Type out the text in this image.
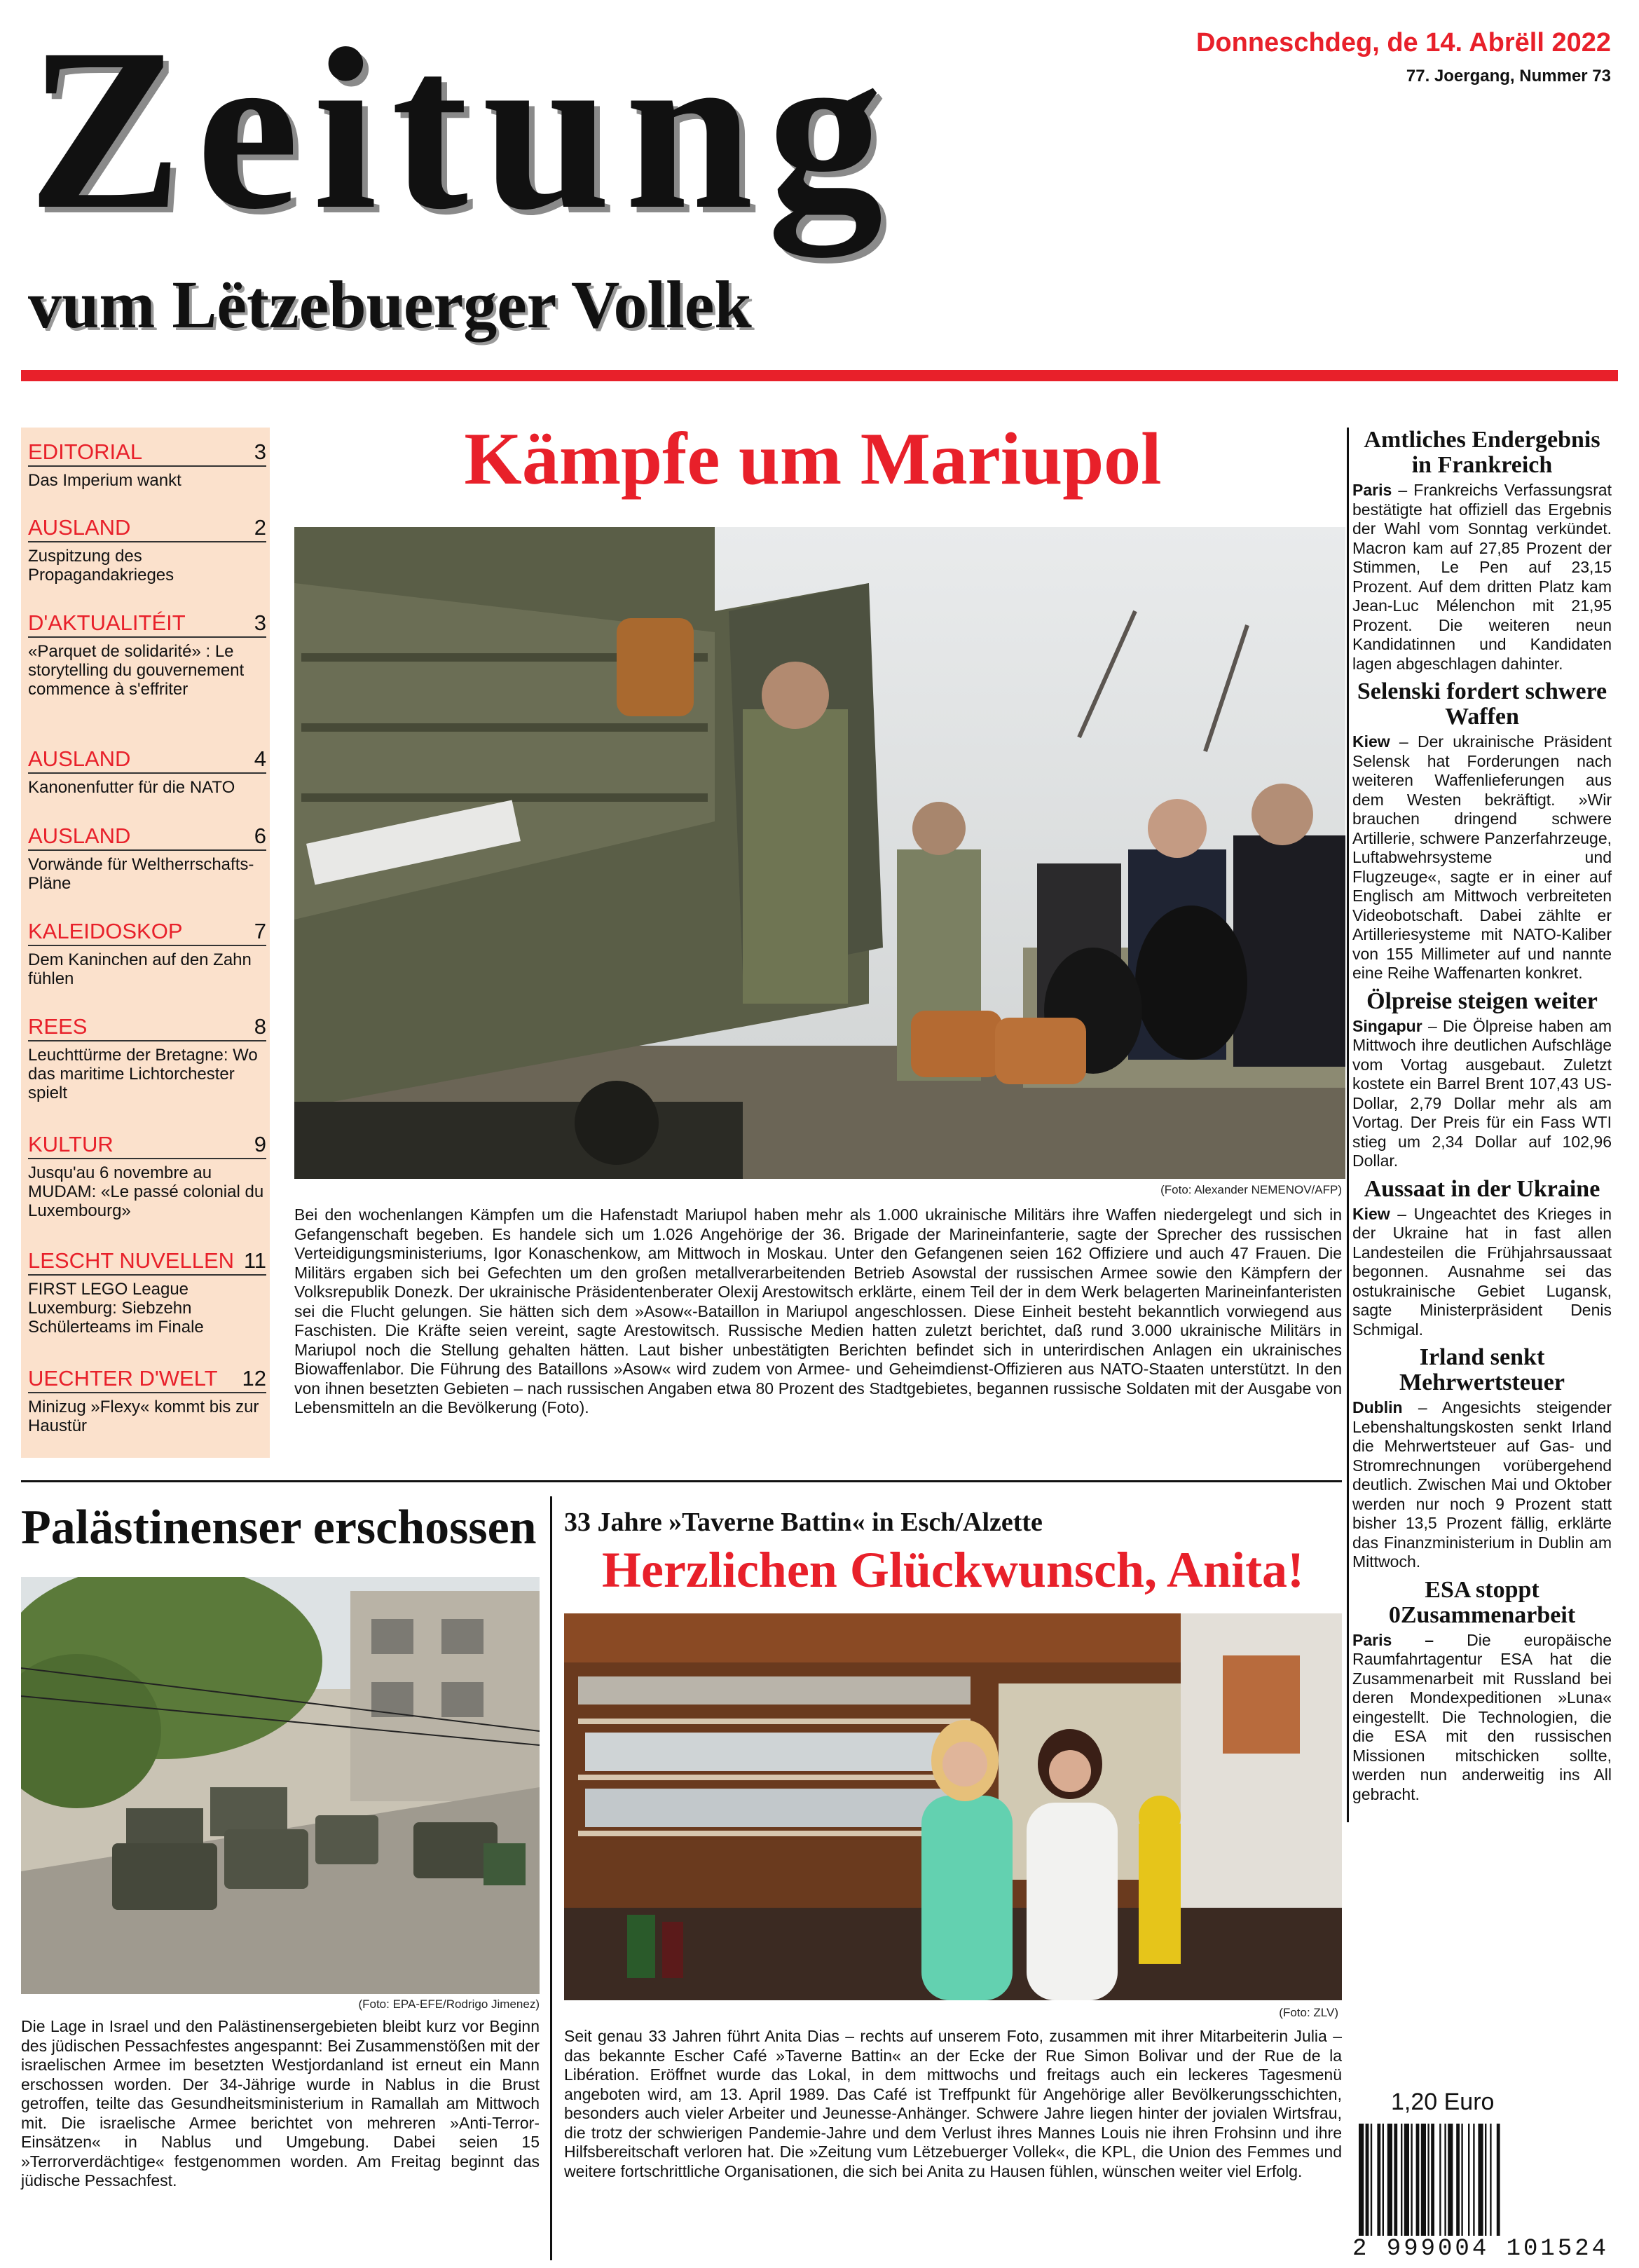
Zeitung
vum Lëtzebuerger Vollek
Donneschdeg, de 14. Abrëll 2022
77. Joergang, Nummer 73
EDITORIAL	3
Das Imperium wankt
AUSLAND	2
Zuspitzung des Propagandakrieges
D'AKTUALITÉIT	3
«Parquet de solidarité» : Le storytelling du gouvernement commence à s'effriter
AUSLAND	4
Kanonenfutter für die NATO
AUSLAND	6
Vorwände für Weltherrschafts-Pläne
KALEIDOSKOP	7
Dem Kaninchen auf den Zahn fühlen
REES	8
Leuchttürme der Bretagne: Wo das maritime Lichtorchester spielt
KULTUR	9
Jusqu'au 6 novembre au MUDAM: «Le passé colonial du Luxembourg»
LESCHT NUVELLEN 11
FIRST LEGO League Luxemburg: Siebzehn Schülerteams im Finale
UECHTER D'WELT 12
Minizug »Flexy« kommt bis zur Haustür
Kämpfe um Mariupol
(Foto: Alexander NEMENOV/AFP)
Bei den wochenlangen Kämpfen um die Hafenstadt Mariupol haben mehr als 1.000 ukrainische Militärs ihre Waffen niedergelegt und sich in Gefangenschaft begeben. Es handele sich um 1.026 Angehörige der 36. Brigade der Marineinfanterie, sagte der Sprecher des russischen Verteidigungsministeriums, Igor Konaschenkow, am Mittwoch in Moskau. Unter den Gefangenen seien 162 Offiziere und auch 47 Frauen. Die Militärs ergaben sich bei Gefechten um den großen metallverarbeitenden Betrieb Asowstal der russischen Armee sowie den Kämpfern der Volksrepublik Donezk. Der ukrainische Präsidentenberater Olexij Arestowitsch erklärte, einem Teil der in dem Werk belagerten Marineinfanteristen sei die Flucht gelungen. Sie hätten sich dem »Asow«-Bataillon in Mariupol angeschlossen. Diese Einheit besteht bekanntlich vorwiegend aus Faschisten. Die Kräfte seien vereint, sagte Arestowitsch. Russische Medien hatten zuletzt berichtet, daß rund 3.000 ukrainische Militärs in Mariupol noch die Stellung gehalten hätten. Laut bisher unbestätigten Berichten befindet sich in unterirdischen Anlagen ein ukrainisches Biowaffenlabor. Die Führung des Bataillons »Asow« wird zudem von Armee- und Geheimdienst-Offizieren aus NATO-Staaten unterstützt. In den von ihnen besetzten Gebieten – nach russischen Angaben etwa 80 Prozent des Stadtgebietes, begannen russische Soldaten mit der Ausgabe von Lebensmitteln an die Bevölkerung (Foto).
Amtliches Endergebnis in Frankreich
Paris – Frankreichs Verfassungsrat bestätigte hat offiziell das Ergebnis der Wahl vom Sonntag verkündet. Macron kam auf 27,85 Prozent der Stimmen, Le Pen auf 23,15 Prozent. Auf dem dritten Platz kam Jean-Luc Mélenchon mit 21,95 Prozent. Die weiteren neun Kandidatinnen und Kandidaten lagen abgeschlagen dahinter.
Selenski fordert schwere Waffen
Kiew – Der ukrainische Präsident Selensk hat Forderungen nach weiteren Waffenlieferungen aus dem Westen bekräftigt. »Wir brauchen dringend schwere Artillerie, schwere Panzerfahrzeuge, Luftabwehrsysteme und Flugzeuge«, sagte er in einer auf Englisch am Mittwoch verbreiteten Videobotschaft. Dabei zählte er Artilleriesysteme mit NATO-Kaliber von 155 Millimeter auf und nannte eine Reihe Waffenarten konkret.
Ölpreise steigen weiter
Singapur – Die Ölpreise haben am Mittwoch ihre deutlichen Aufschläge vom Vortag ausgebaut. Zuletzt kostete ein Barrel Brent 107,43 US-Dollar, 2,79 Dollar mehr als am Vortag. Der Preis für ein Fass WTI stieg um 2,34 Dollar auf 102,96 Dollar.
Aussaat in der Ukraine
Kiew – Ungeachtet des Krieges in der Ukraine hat in fast allen Landesteilen die Frühjahrsaussaat begonnen. Ausnahme sei das ostukrainische Gebiet Lugansk, sagte Ministerpräsident Denis Schmigal.
Irland senkt Mehrwertsteuer
Dublin – Angesichts steigender Lebenshaltungskosten senkt Irland die Mehrwertsteuer auf Gas- und Stromrechnungen vorübergehend deutlich. Zwischen Mai und Oktober werden nur noch 9 Prozent statt bisher 13,5 Prozent fällig, erklärte das Finanzministerium in Dublin am Mittwoch.
ESA stoppt 0Zusammenarbeit
Paris – Die europäische Raumfahrtagentur ESA hat die Zusammenarbeit mit Russland bei deren Mondexpeditionen »Luna« eingestellt. Die Technologien, die die ESA mit den russischen Missionen mitschicken sollte, werden nun anderweitig ins All gebracht.
Palästinenser erschossen
(Foto: EPA-EFE/Rodrigo Jimenez)
Die Lage in Israel und den Palästinensergebieten bleibt kurz vor Beginn des jüdischen Pessachfestes angespannt: Bei Zusammenstößen mit der israelischen Armee im besetzten Westjordanland ist erneut ein Mann erschossen worden. Der 34-Jährige wurde in Nablus in die Brust getroffen, teilte das Gesundheitsministerium in Ramallah am Mittwoch mit. Die israelische Armee berichtet von mehreren »Anti-Terror-Einsätzen« in Nablus und Umgebung. Dabei seien 15 »Terrorverdächtige« festgenommen worden. Am Freitag beginnt das jüdische Pessachfest.
33 Jahre »Taverne Battin« in Esch/Alzette
Herzlichen Glückwunsch, Anita!
(Foto: ZLV)
Seit genau 33 Jahren führt Anita Dias – rechts auf unserem Foto, zusammen mit ihrer Mitarbeiterin Julia – das bekannte Escher Café »Taverne Battin« an der Ecke der Rue Simon Bolivar und der Rue de la Libération. Eröffnet wurde das Lokal, in dem mittwochs und freitags auch ein leckeres Tagesmenü angeboten wird, am 13. April 1989. Das Café ist Treffpunkt für Angehörige aller Bevölkerungsschichten, besonders auch vieler Arbeiter und Jeunesse-Anhänger. Schwere Jahre liegen hinter der jovialen Wirtsfrau, die trotz der schwierigen Pandemie-Jahre und dem Verlust ihres Mannes Louis nie ihren Frohsinn und ihre Hilfsbereitschaft verloren hat. Die »Zeitung vum Lëtzebuerger Vollek«, die KPL, die Union des Femmes und weitere fortschrittliche Organisationen, die sich bei Anita zu Hausen fühlen, wünschen weiter viel Erfolg.
1,20 Euro
2 999004 101524
